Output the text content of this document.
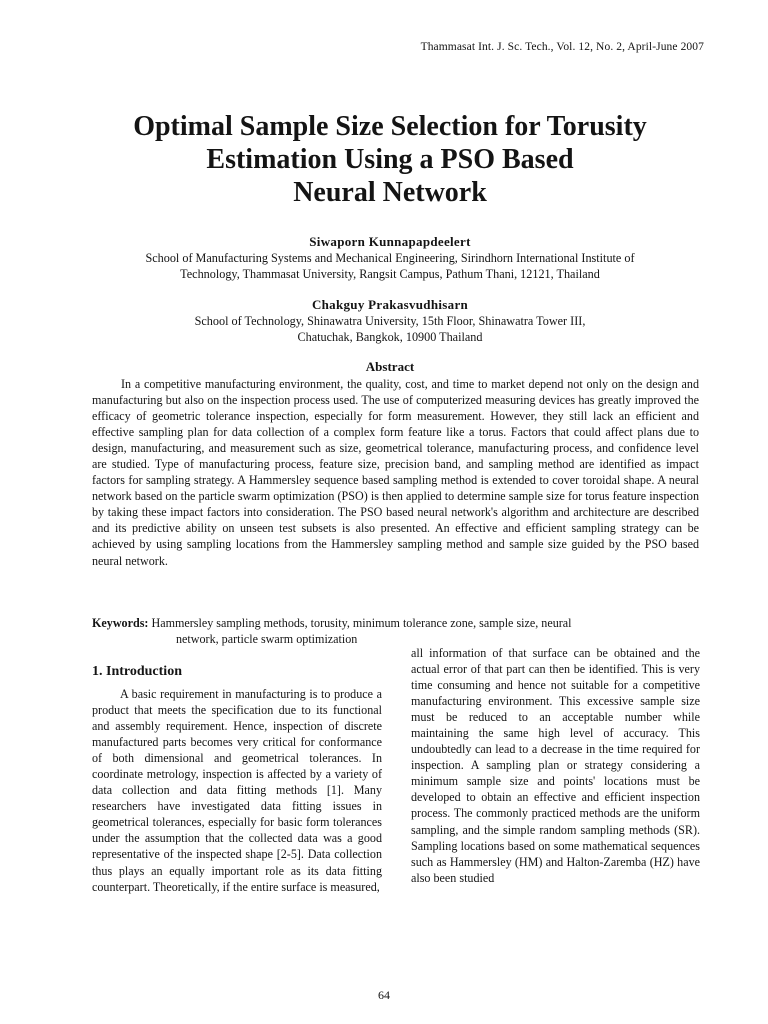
Thammasat Int. J. Sc. Tech., Vol. 12, No. 2, April-June 2007
Optimal Sample Size Selection for Torusity
Estimation Using a PSO Based
Neural Network
Siwaporn Kunnapapdeelert
School of Manufacturing Systems and Mechanical Engineering, Sirindhorn International Institute of
Technology, Thammasat University, Rangsit Campus, Pathum Thani, 12121, Thailand
Chakguy Prakasvudhisarn
School of Technology, Shinawatra University, 15th Floor, Shinawatra Tower III,
Chatuchak, Bangkok, 10900 Thailand
Abstract

In a competitive manufacturing environment, the quality, cost, and time to market depend not only on the design and manufacturing but also on the inspection process used. The use of computerized measuring devices has greatly improved the efficacy of geometric tolerance inspection, especially for form measurement. However, they still lack an efficient and effective sampling plan for data collection of a complex form feature like a torus. Factors that could affect plans due to design, manufacturing, and measurement such as size, geometrical tolerance, manufacturing process, and confidence level are studied. Type of manufacturing process, feature size, precision band, and sampling method are identified as impact factors for sampling strategy. A Hammersley sequence based sampling method is extended to cover toroidal shape. A neural network based on the particle swarm optimization (PSO) is then applied to determine sample size for torus feature inspection by taking these impact factors into consideration. The PSO based neural network's algorithm and architecture are described and its predictive ability on unseen test subsets is also presented. An effective and efficient sampling strategy can be achieved by using sampling locations from the Hammersley sampling method and sample size guided by the PSO based neural network.

Keywords: Hammersley sampling methods, torusity, minimum tolerance zone, sample size, neural
network, particle swarm optimization
1. Introduction

A basic requirement in manufacturing is to produce a product that meets the specification due to its functional and assembly requirement. Hence, inspection of discrete manufactured parts becomes very critical for conformance of both dimensional and geometrical tolerances. In coordinate metrology, inspection is affected by a variety of data collection and data fitting methods [1]. Many researchers have investigated data fitting issues in geometrical tolerances, especially for basic form tolerances under the assumption that the collected data was a good representative of the inspected shape [2-5]. Data collection thus plays an equally important role as its data fitting counterpart. Theoretically, if the entire surface is measured,

all information of that surface can be obtained and the actual error of that part can then be identified. This is very time consuming and hence not suitable for a competitive manufacturing environment. This excessive sample size must be reduced to an acceptable number while maintaining the same high level of accuracy. This undoubtedly can lead to a decrease in the time required for inspection. A sampling plan or strategy considering a minimum sample size and points' locations must be developed to obtain an effective and efficient inspection process. The commonly practiced methods are the uniform sampling, and the simple random sampling methods (SR). Sampling locations based on some mathematical sequences such as Hammersley (HM) and Halton-Zaremba (HZ) have also been studied

64
